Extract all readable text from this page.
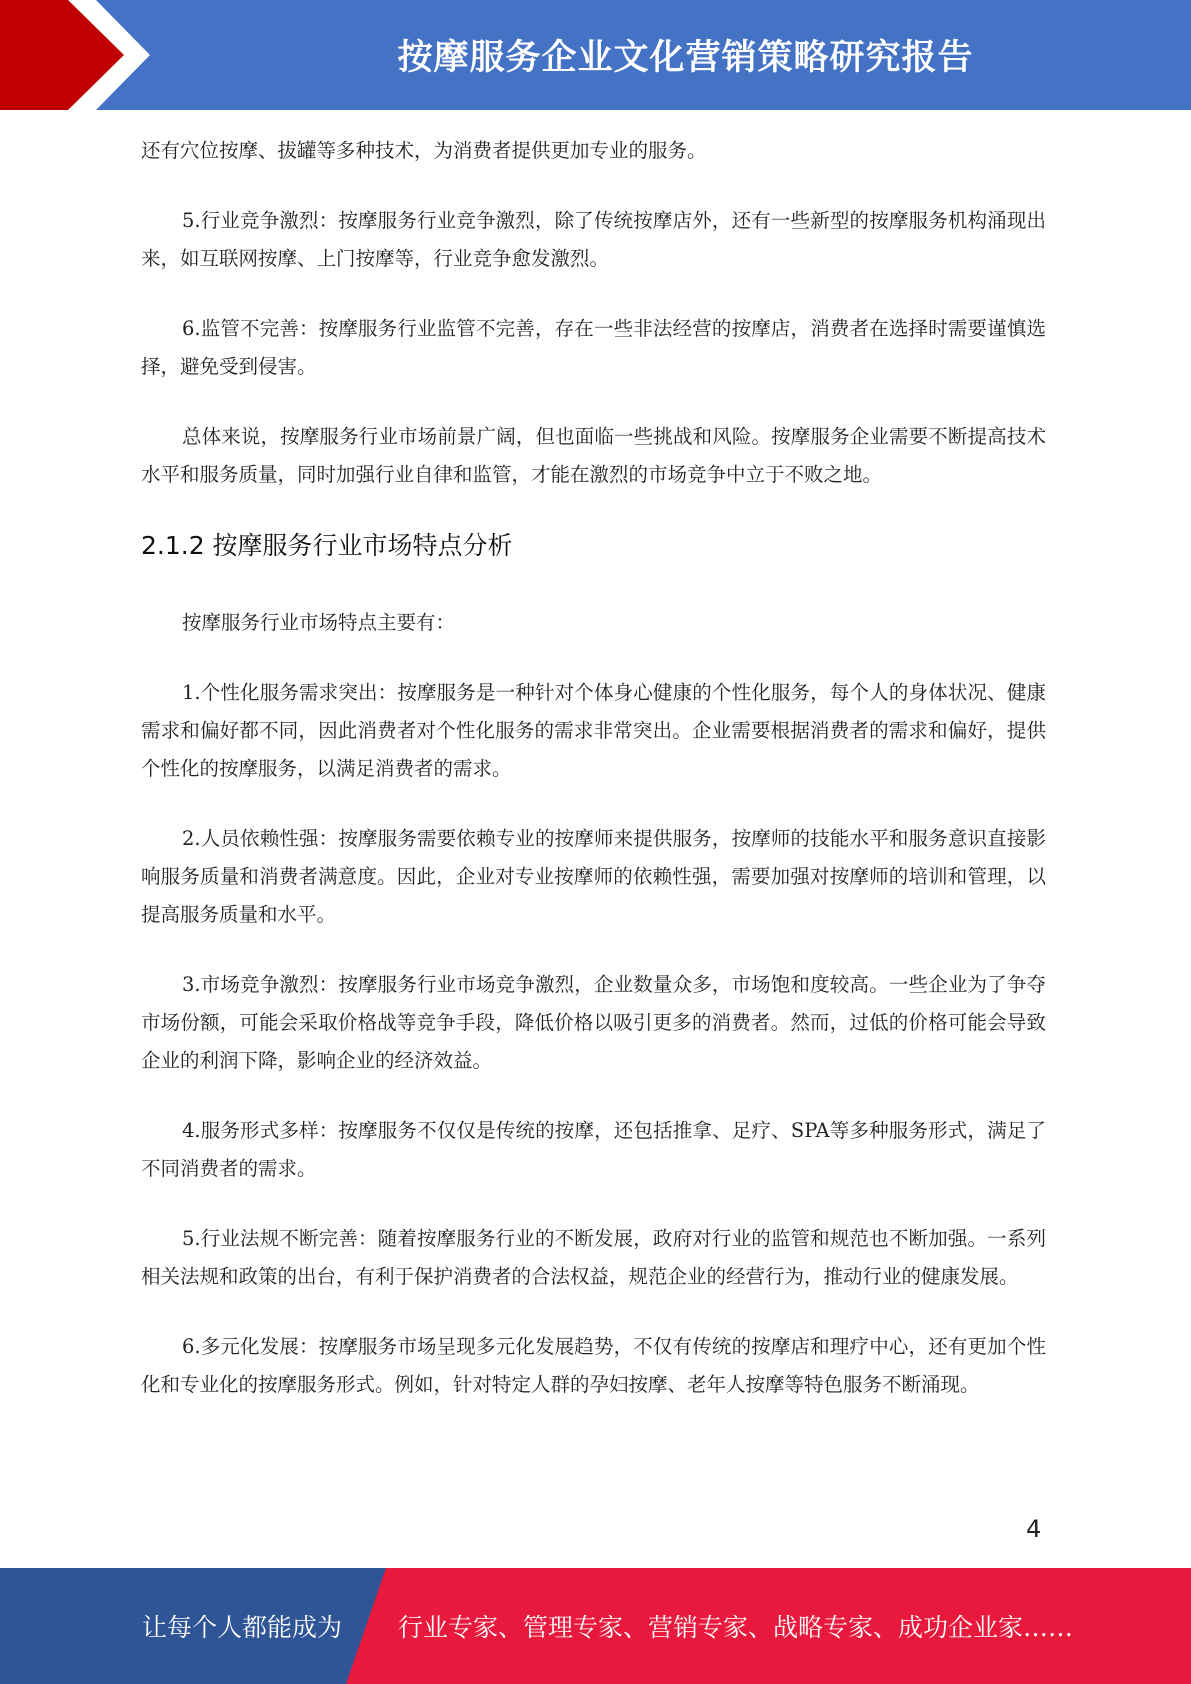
按摩服务企业文化营销策略研究报告

还有穴位按摩、拔罐等多种技术，为消费者提供更加专业的服务。

5.行业竞争激烈：按摩服务行业竞争激烈，除了传统按摩店外，还有一些新型的按摩服务机构涌现出来，如互联网按摩、上门按摩等，行业竞争愈发激烈。

6.监管不完善：按摩服务行业监管不完善，存在一些非法经营的按摩店，消费者在选择时需要谨慎选择，避免受到侵害。

总体来说，按摩服务行业市场前景广阔，但也面临一些挑战和风险。按摩服务企业需要不断提高技术水平和服务质量，同时加强行业自律和监管，才能在激烈的市场竞争中立于不败之地。

2.1.2 按摩服务行业市场特点分析

按摩服务行业市场特点主要有：

1.个性化服务需求突出：按摩服务是一种针对个体身心健康的个性化服务，每个人的身体状况、健康需求和偏好都不同，因此消费者对个性化服务的需求非常突出。企业需要根据消费者的需求和偏好，提供个性化的按摩服务，以满足消费者的需求。

2.人员依赖性强：按摩服务需要依赖专业的按摩师来提供服务，按摩师的技能水平和服务意识直接影响服务质量和消费者满意度。因此，企业对专业按摩师的依赖性强，需要加强对按摩师的培训和管理，以提高服务质量和水平。

3.市场竞争激烈：按摩服务行业市场竞争激烈，企业数量众多，市场饱和度较高。一些企业为了争夺市场份额，可能会采取价格战等竞争手段，降低价格以吸引更多的消费者。然而，过低的价格可能会导致企业的利润下降，影响企业的经济效益。

4.服务形式多样：按摩服务不仅仅是传统的按摩，还包括推拿、足疗、SPA等多种服务形式，满足了不同消费者的需求。

5.行业法规不断完善：随着按摩服务行业的不断发展，政府对行业的监管和规范也不断加强。一系列相关法规和政策的出台，有利于保护消费者的合法权益，规范企业的经营行为，推动行业的健康发展。

6.多元化发展：按摩服务市场呈现多元化发展趋势，不仅有传统的按摩店和理疗中心，还有更加个性化和专业化的按摩服务形式。例如，针对特定人群的孕妇按摩、老年人按摩等特色服务不断涌现。

4
让每个人都能成为 行业专家、管理专家、营销专家、战略专家、成功企业家……
